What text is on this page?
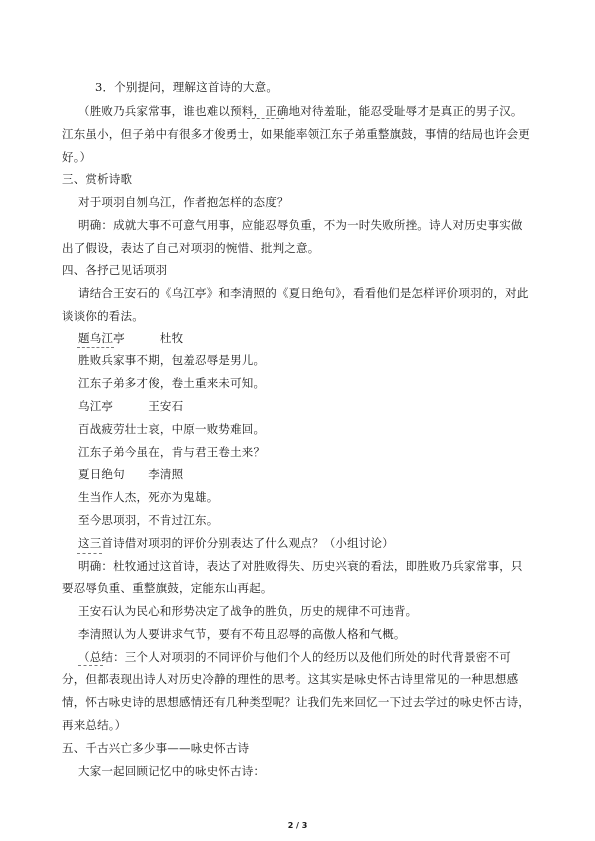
3．个别提问，理解这首诗的大意。

（胜败乃兵家常事，谁也难以预料，正确地对待羞耻，能忍受耻辱才是真正的男子汉。

江东虽小，但子弟中有很多才俊勇士，如果能率领江东子弟重整旗鼓，事情的结局也许会更

好。）

三、赏析诗歌

对于项羽自刎乌江，作者抱怎样的态度？

明确：成就大事不可意气用事，应能忍辱负重，不为一时失败所挫。诗人对历史事实做

出了假设，表达了自己对项羽的惋惜、批判之意。

四、各抒己见话项羽

请结合王安石的《乌江亭》和李清照的《夏日绝句》，看看他们是怎样评价项羽的，对此

谈谈你的看法。

题乌江亭　　　杜牧

胜败兵家事不期，包羞忍辱是男儿。

江东子弟多才俊，卷土重来未可知。

乌江亭　　　王安石

百战疲劳壮士哀，中原一败势难回。

江东子弟今虽在，肯与君王卷土来？

夏日绝句　　李清照

生当作人杰，死亦为鬼雄。

至今思项羽，不肯过江东。

这三首诗借对项羽的评价分别表达了什么观点？（小组讨论）

明确：杜牧通过这首诗，表达了对胜败得失、历史兴衰的看法，即胜败乃兵家常事，只

要忍辱负重、重整旗鼓，定能东山再起。

王安石认为民心和形势决定了战争的胜负，历史的规律不可违背。

李清照认为人要讲求气节，要有不苟且忍辱的高傲人格和气概。

（总结：三个人对项羽的不同评价与他们个人的经历以及他们所处的时代背景密不可

分，但都表现出诗人对历史冷静的理性的思考。这其实是咏史怀古诗里常见的一种思想感

情，怀古咏史诗的思想感情还有几种类型呢？让我们先来回忆一下过去学过的咏史怀古诗，

再来总结。）

五、千古兴亡多少事——咏史怀古诗

大家一起回顾记忆中的咏史怀古诗：

2 / 3
